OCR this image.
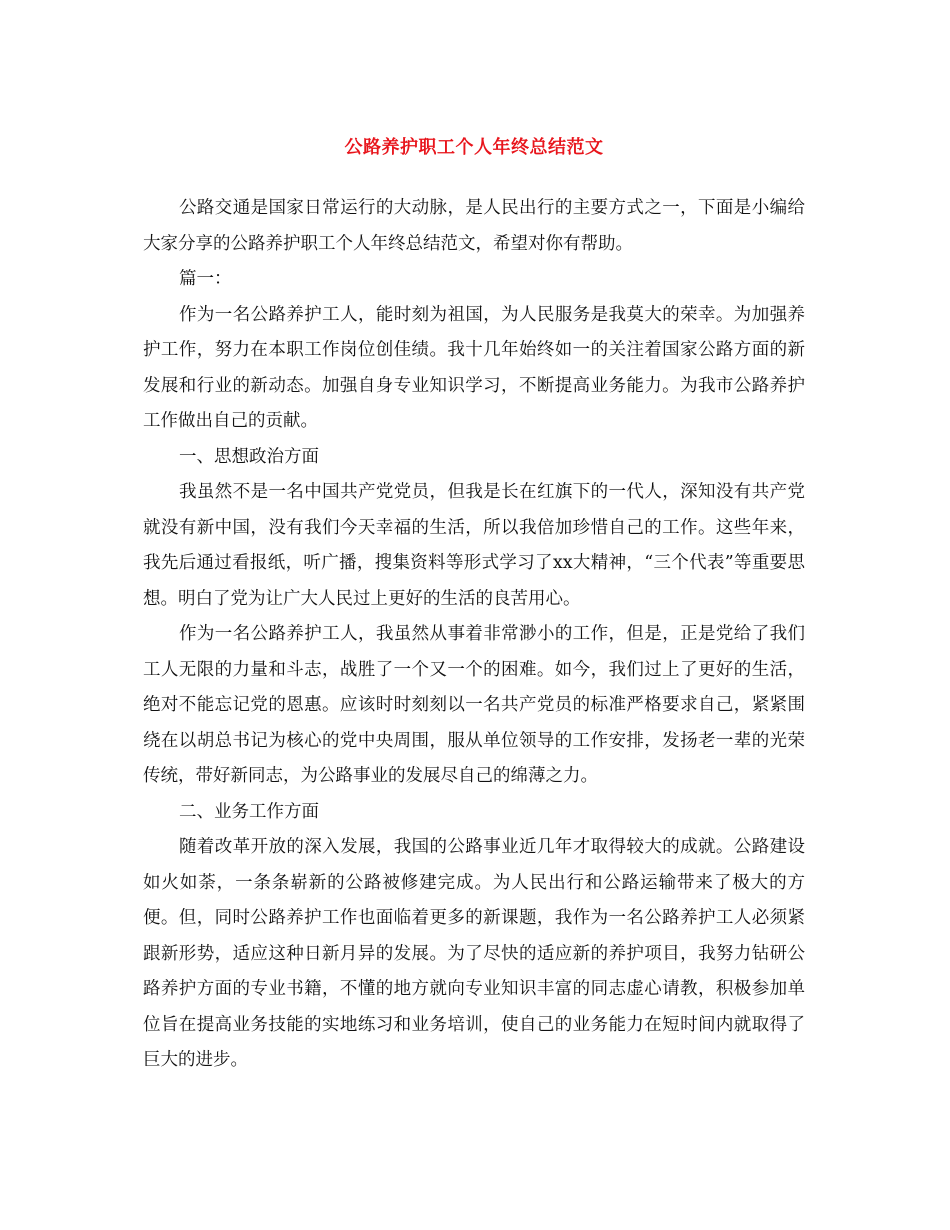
公路养护职工个人年终总结范文

公路交通是国家日常运行的大动脉，是人民出行的主要方式之一，下面是小编给大家分享的公路养护职工个人年终总结范文，希望对你有帮助。

篇一：

作为一名公路养护工人，能时刻为祖国，为人民服务是我莫大的荣幸。为加强养护工作，努力在本职工作岗位创佳绩。我十几年始终如一的关注着国家公路方面的新发展和行业的新动态。加强自身专业知识学习，不断提高业务能力。为我市公路养护工作做出自己的贡献。

一、思想政治方面

我虽然不是一名中国共产党党员，但我是长在红旗下的一代人，深知没有共产党就没有新中国，没有我们今天幸福的生活，所以我倍加珍惜自己的工作。这些年来，我先后通过看报纸，听广播，搜集资料等形式学习了xx大精神，“三个代表”等重要思想。明白了党为让广大人民过上更好的生活的良苦用心。

作为一名公路养护工人，我虽然从事着非常渺小的工作，但是，正是党给了我们工人无限的力量和斗志，战胜了一个又一个的困难。如今，我们过上了更好的生活，绝对不能忘记党的恩惠。应该时时刻刻以一名共产党员的标准严格要求自己，紧紧围绕在以胡总书记为核心的党中央周围，服从单位领导的工作安排，发扬老一辈的光荣传统，带好新同志，为公路事业的发展尽自己的绵薄之力。

二、业务工作方面

随着改革开放的深入发展，我国的公路事业近几年才取得较大的成就。公路建设如火如荼，一条条崭新的公路被修建完成。为人民出行和公路运输带来了极大的方便。但，同时公路养护工作也面临着更多的新课题，我作为一名公路养护工人必须紧跟新形势，适应这种日新月异的发展。为了尽快的适应新的养护项目，我努力钻研公路养护方面的专业书籍，不懂的地方就向专业知识丰富的同志虚心请教，积极参加单位旨在提高业务技能的实地练习和业务培训，使自己的业务能力在短时间内就取得了巨大的进步。
